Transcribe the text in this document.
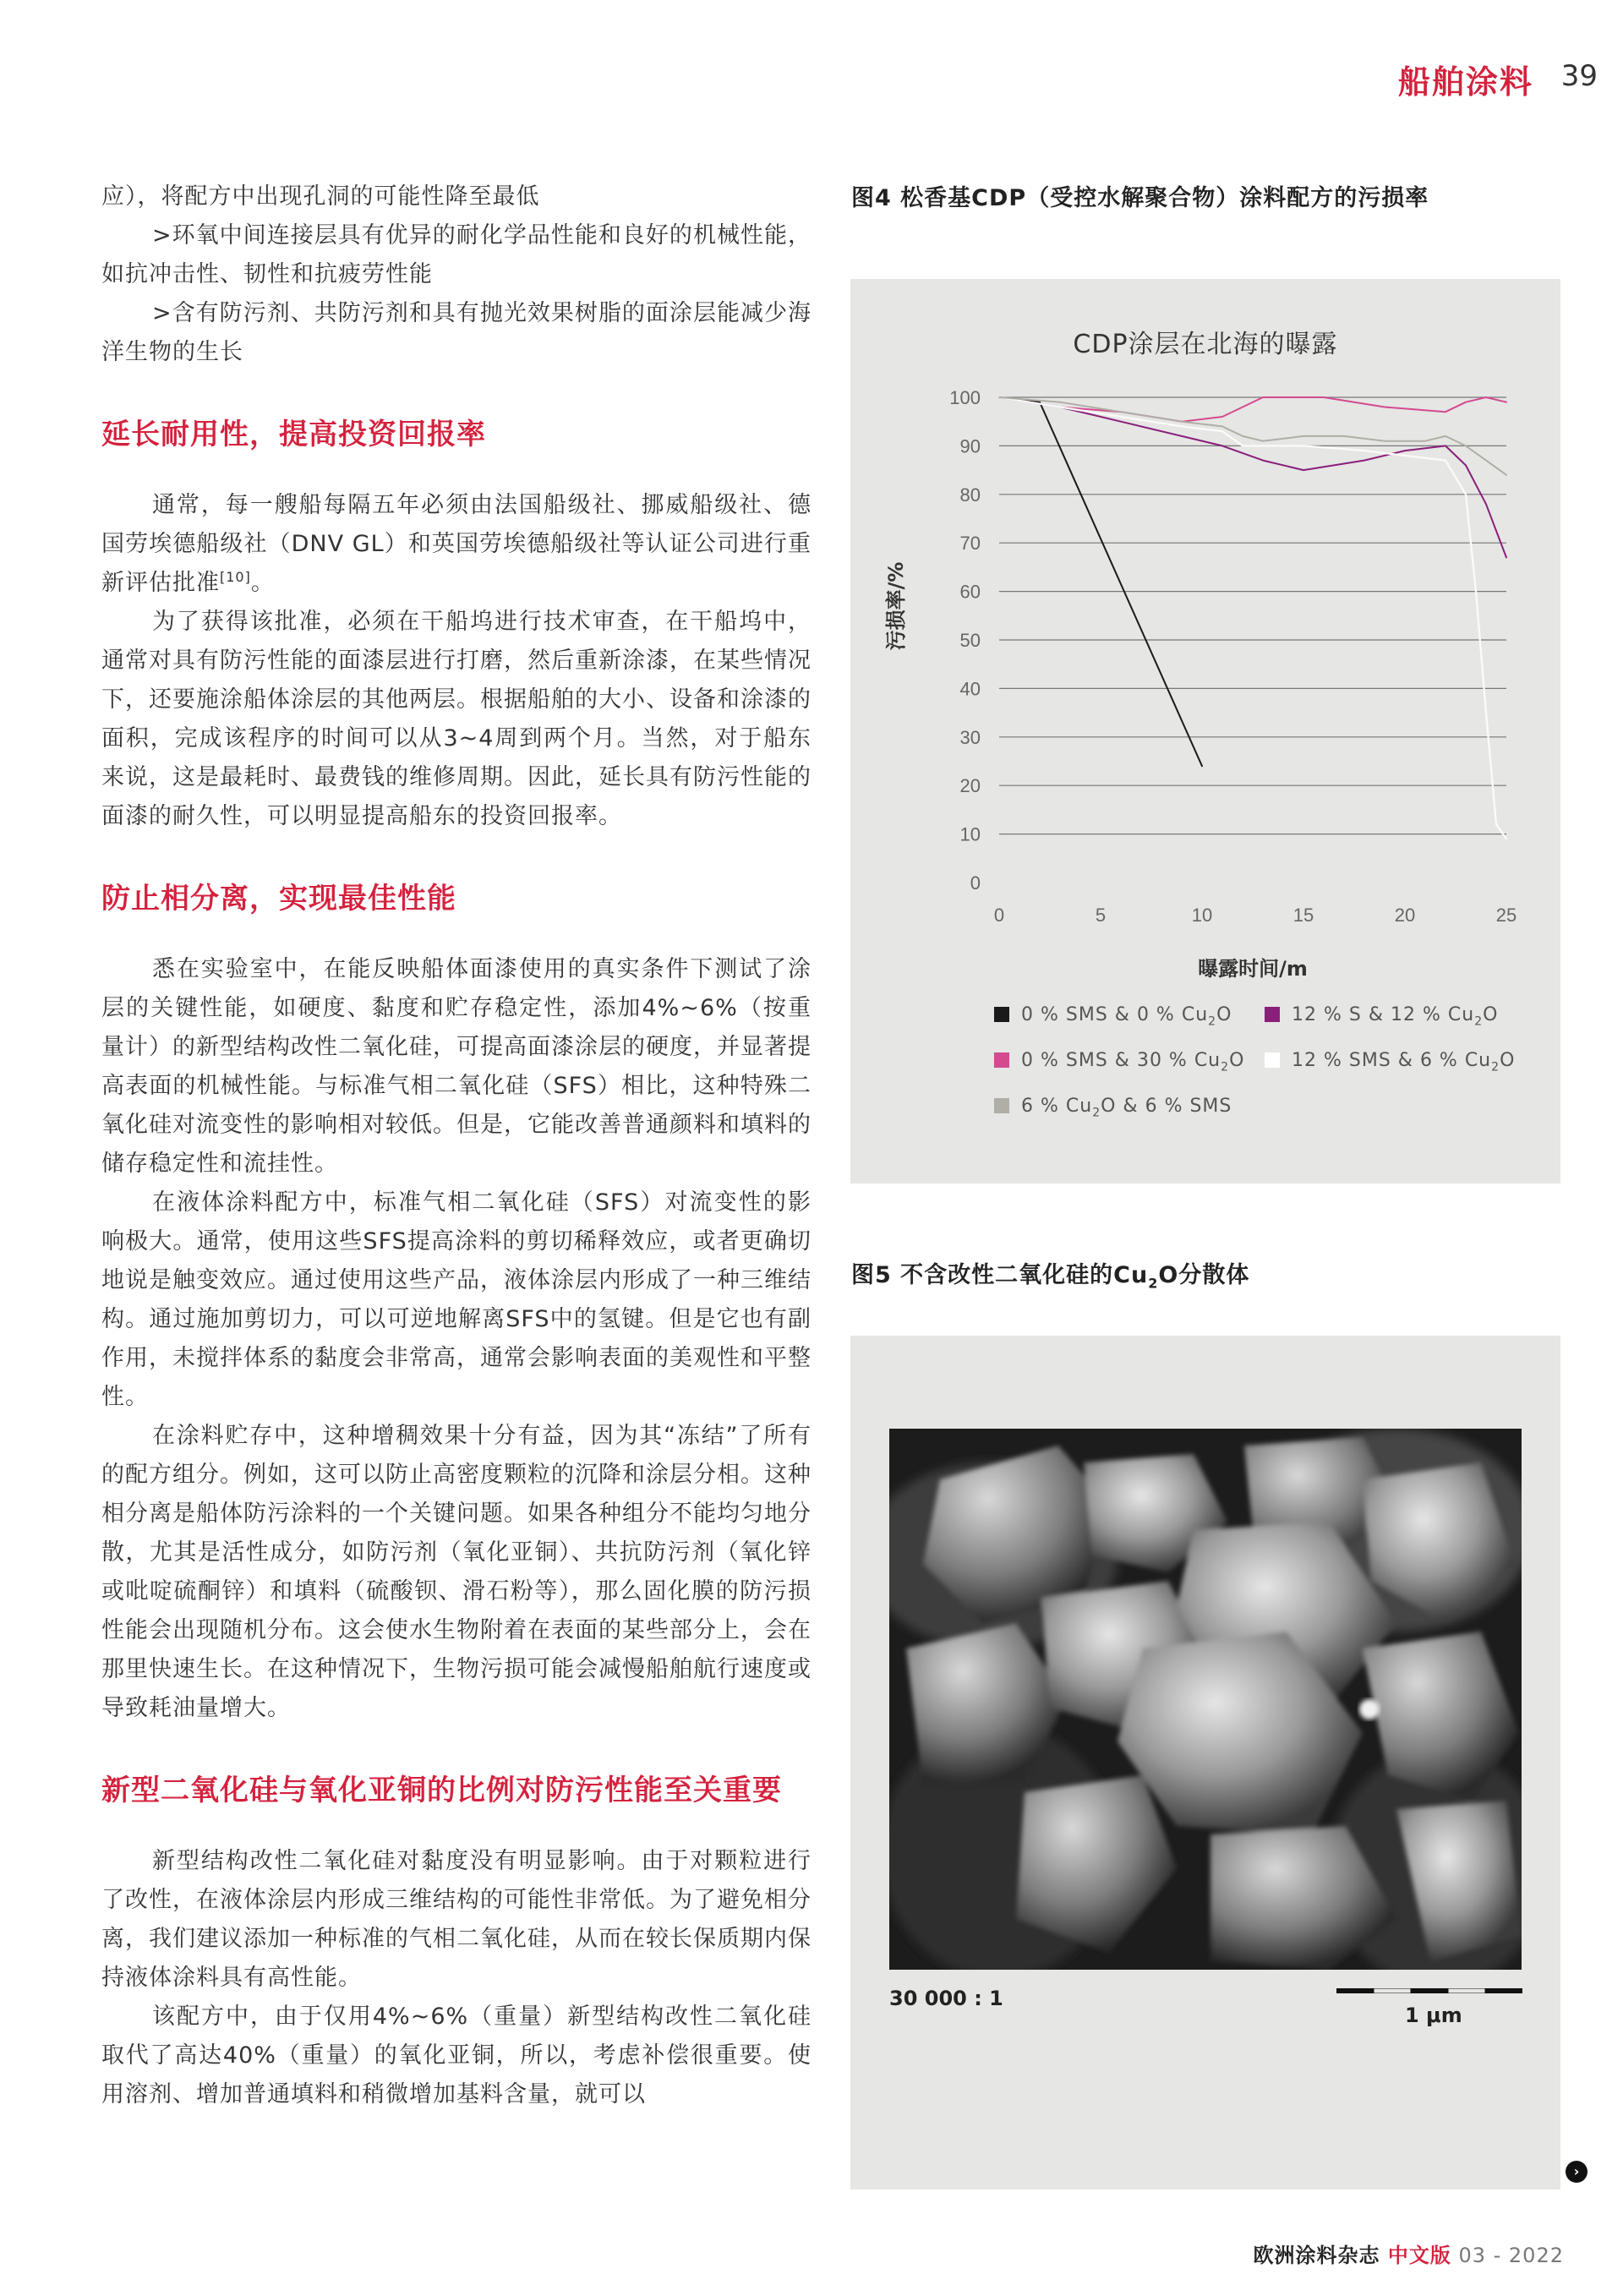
船舶涂料 39

应），将配方中出现孔洞的可能性降至最低

>环氧中间连接层具有优异的耐化学品性能和良好的机械性能，如抗冲击性、韧性和抗疲劳性能

>含有防污剂、共防污剂和具有抛光效果树脂的面涂层能减少海洋生物的生长

延长耐用性，提高投资回报率

通常，每一艘船每隔五年必须由法国船级社、挪威船级社、德国劳埃德船级社（DNV GL）和英国劳埃德船级社等认证公司进行重新评估批准[10]。

为了获得该批准，必须在干船坞进行技术审查，在干船坞中，通常对具有防污性能的面漆层进行打磨，然后重新涂漆，在某些情况下，还要施涂船体涂层的其他两层。根据船舶的大小、设备和涂漆的面积，完成该程序的时间可以从3~4周到两个月。当然，对于船东来说，这是最耗时、最费钱的维修周期。因此，延长具有防污性能的面漆的耐久性，可以明显提高船东的投资回报率。

防止相分离，实现最佳性能

悉在实验室中，在能反映船体面漆使用的真实条件下测试了涂层的关键性能，如硬度、黏度和贮存稳定性，添加4%~6%（按重量计）的新型结构改性二氧化硅，可提高面漆涂层的硬度，并显著提高表面的机械性能。与标准气相二氧化硅（SFS）相比，这种特殊二氧化硅对流变性的影响相对较低。但是，它能改善普通颜料和填料的储存稳定性和流挂性。

在液体涂料配方中，标准气相二氧化硅（SFS）对流变性的影响极大。通常，使用这些SFS提高涂料的剪切稀释效应，或者更确切地说是触变效应。通过使用这些产品，液体涂层内形成了一种三维结构。通过施加剪切力，可以可逆地解离SFS中的氢键。但是它也有副作用，未搅拌体系的黏度会非常高，通常会影响表面的美观性和平整性。

在涂料贮存中，这种增稠效果十分有益，因为其“冻结”了所有的配方组分。例如，这可以防止高密度颗粒的沉降和涂层分相。这种相分离是船体防污涂料的一个关键问题。如果各种组分不能均匀地分散，尤其是活性成分，如防污剂（氧化亚铜）、共抗防污剂（氧化锌或吡啶硫酮锌）和填料（硫酸钡、滑石粉等），那么固化膜的防污损性能会出现随机分布。这会使水生物附着在表面的某些部分上，会在那里快速生长。在这种情况下，生物污损可能会减慢船舶航行速度或导致耗油量增大。

新型二氧化硅与氧化亚铜的比例对防污性能至关重要

新型结构改性二氧化硅对黏度没有明显影响。由于对颗粒进行了改性，在液体涂层内形成三维结构的可能性非常低。为了避免相分离，我们建议添加一种标准的气相二氧化硅，从而在较长保质期内保持液体涂料具有高性能。

该配方中，由于仅用4%~6%（重量）新型结构改性二氧化硅取代了高达40%（重量）的氧化亚铜，所以，考虑补偿很重要。使用溶剂、增加普通填料和稍微增加基料含量，就可以

图4 松香基CDP（受控水解聚合物）涂料配方的污损率
CDP涂层在北海的曝露
0
10
20
30
40
50
60
70
80
90
100
0	5	10	15	20	25
曝露时间/m
污损率/%
0 % SMS & 0 % $Cu_2O$	12 % S & 12 % $Cu_2O$
0 % SMS & 30 % $Cu_2O$	12 % SMS & 6 % $Cu_2O$
6 % $Cu_2O$ & 6 % SMS
图5 不含改性二氧化硅的$Cu_2O$分散体
30 000 : 1
1 μm
›
欧洲涂料杂志 中文版 03 - 2022
